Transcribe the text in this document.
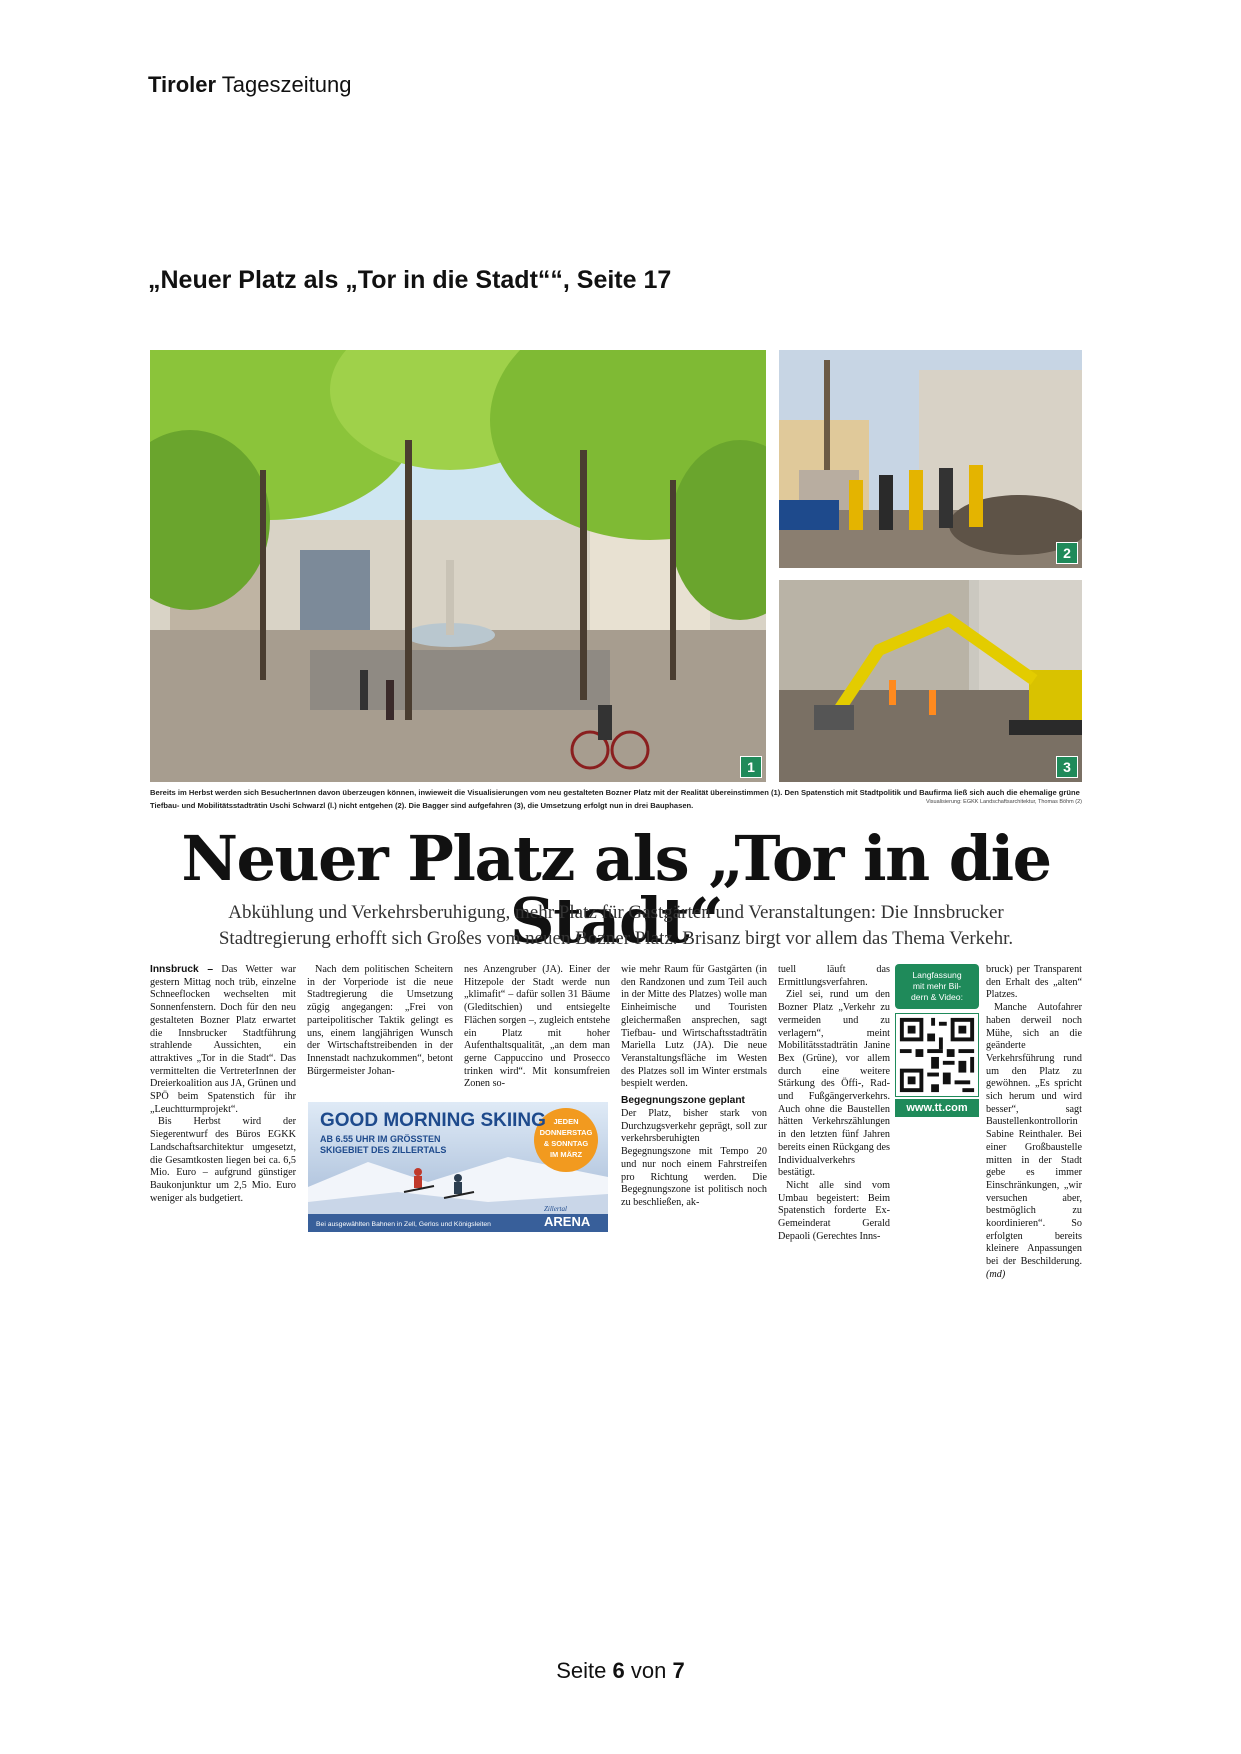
Tiroler Tageszeitung
„Neuer Platz als „Tor in die Stadt““, Seite 17
1
2
3
Bereits im Herbst werden sich BesucherInnen davon überzeugen können, inwieweit die Visualisierungen vom neu gestalteten Bozner Platz mit der Realität übereinstimmen (1). Den Spatenstich mit Stadtpolitik und Baufirma ließ sich auch die ehemalige grüne Tiefbau- und Mobilitätsstadträtin Uschi Schwarzl (l.) nicht entgehen (2). Die Bagger sind aufgefahren (3), die Umsetzung erfolgt nun in drei Bauphasen.	Visualisierung: EGKK Landschaftsarchitektur, Thomas Böhm (2)
Neuer Platz als „Tor in die Stadt“
Abkühlung und Verkehrsberuhigung, mehr Platz für Gastgärten und Veranstaltungen: Die Innsbrucker Stadtregierung erhofft sich Großes vom neuen Bozner Platz. Brisanz birgt vor allem das Thema Verkehr.

Innsbruck – Das Wetter war gestern Mittag noch trüb, einzelne Schneeflocken wechselten mit Sonnenfenstern. Doch für den neu gestalteten Bozner Platz erwartet die Innsbrucker Stadtführung strahlende Aussichten, ein attraktives „Tor in die Stadt“. Das vermittelten die VertreterInnen der Dreierkoalition aus JA, Grünen und SPÖ beim Spatenstich für ihr „Leuchtturmprojekt“.

Bis Herbst wird der Siegerentwurf des Büros EGKK Landschaftsarchitektur umgesetzt, die Gesamtkosten liegen bei ca. 6,5 Mio. Euro – aufgrund günstiger Baukonjunktur um 2,5 Mio. Euro weniger als budgetiert.

Nach dem politischen Scheitern in der Vorperiode ist die neue Stadtregierung die Umsetzung zügig angegangen: „Frei von parteipolitischer Taktik gelingt es uns, einem langjährigen Wunsch der Wirtschaftstreibenden in der Innenstadt nachzukommen“, betont Bürgermeister Johan-

nes Anzengruber (JA). Einer der Hitzepole der Stadt werde nun „klimafit“ – dafür sollen 31 Bäume (Gleditschien) und entsiegelte Flächen sorgen –, zugleich entstehe ein Platz mit hoher Aufenthaltsqualität, „an dem man gerne Cappuccino und Prosecco trinken wird“. Mit konsumfreien Zonen so-

GOOD MORNING SKIING
AB 6.55 UHR IM GRÖSSTEN
SKIGEBIET DES ZILLERTALS
JEDEN
DONNERSTAG
& SONNTAG
IM MÄRZ
Bei ausgewählten Bahnen in Zell, Gerlos und Königsleiten
Zillertal
ARENA

wie mehr Raum für Gastgärten (in den Randzonen und zum Teil auch in der Mitte des Platzes) wolle man Einheimische und Touristen gleichermaßen ansprechen, sagt Tiefbau- und Wirtschaftsstadträtin Mariella Lutz (JA). Die neue Veranstaltungsfläche im Westen des Platzes soll im Winter erstmals bespielt werden.

Begegnungszone geplant

Der Platz, bisher stark von Durchzugsverkehr geprägt, soll zur verkehrsberuhigten Begegnungszone mit Tempo 20 und nur noch einem Fahrstreifen pro Richtung werden. Die Begegnungszone ist politisch noch zu beschließen, ak-

tuell läuft das Ermittlungsverfahren.

Ziel sei, rund um den Bozner Platz „Verkehr zu vermeiden und zu verlagern“, meint Mobilitätsstadträtin Janine Bex (Grüne), vor allem durch eine weitere Stärkung des Öffi-, Rad- und Fußgängerverkehrs. Auch ohne die Baustellen hätten Verkehrszählungen in den letzten fünf Jahren bereits einen Rückgang des Individualverkehrs bestätigt.

Nicht alle sind vom Umbau begeistert: Beim Spatenstich forderte Ex-Gemeinderat Gerald Depaoli (Gerechtes Inns-

Langfassung
mit mehr Bil-
dern & Video:
www.tt.com

bruck) per Transparent den Erhalt des „alten“ Platzes.

Manche Autofahrer haben derweil noch Mühe, sich an die geänderte Verkehrsführung rund um den Platz zu gewöhnen. „Es spricht sich herum und wird besser“, sagt Baustellenkontrollorin Sabine Reinthaler. Bei einer Großbaustelle mitten in der Stadt gebe es immer Einschränkungen, „wir versuchen aber, bestmöglich zu koordinieren“. So erfolgten bereits kleinere Anpassungen bei der Beschilderung. (md)

Seite 6 von 7
